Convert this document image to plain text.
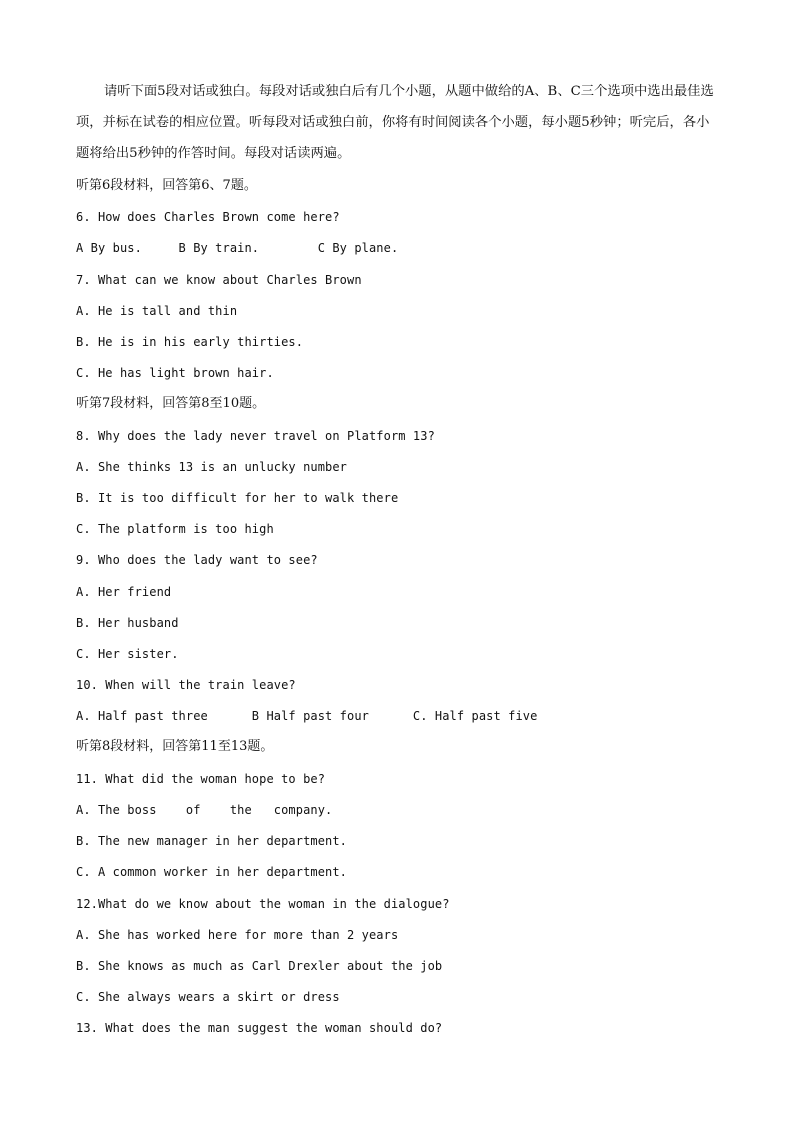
请听下面5段对话或独白。每段对话或独白后有几个小题，从题中做给的A、B、C三个选项中选出最佳选项，并标在试卷的相应位置。听每段对话或独白前，你将有时间阅读各个小题，每小题5秒钟；听完后，各小题将给出5秒钟的作答时间。每段对话读两遍。
听第6段材料，回答第6、7题。
6. How does Charles Brown come here?
A By bus.     B By train.        C By plane.
7. What can we know about Charles Brown
A. He is tall and thin
B. He is in his early thirties.
C. He has light brown hair.
听第7段材料，回答第8至10题。
8. Why does the lady never travel on Platform 13?
A. She thinks 13 is an unlucky number
B. It is too difficult for her to walk there
C. The platform is too high
9. Who does the lady want to see?
A. Her friend
B. Her husband
C. Her sister.
10. When will the train leave?
A. Half past three      B Half past four      C. Half past five
听第8段材料，回答第11至13题。
11. What did the woman hope to be?
A. The boss    of    the   company.
B. The new manager in her department.
C. A common worker in her department.
12.What do we know about the woman in the dialogue?
A. She has worked here for more than 2 years
B. She knows as much as Carl Drexler about the job
C. She always wears a skirt or dress
13. What does the man suggest the woman should do?
